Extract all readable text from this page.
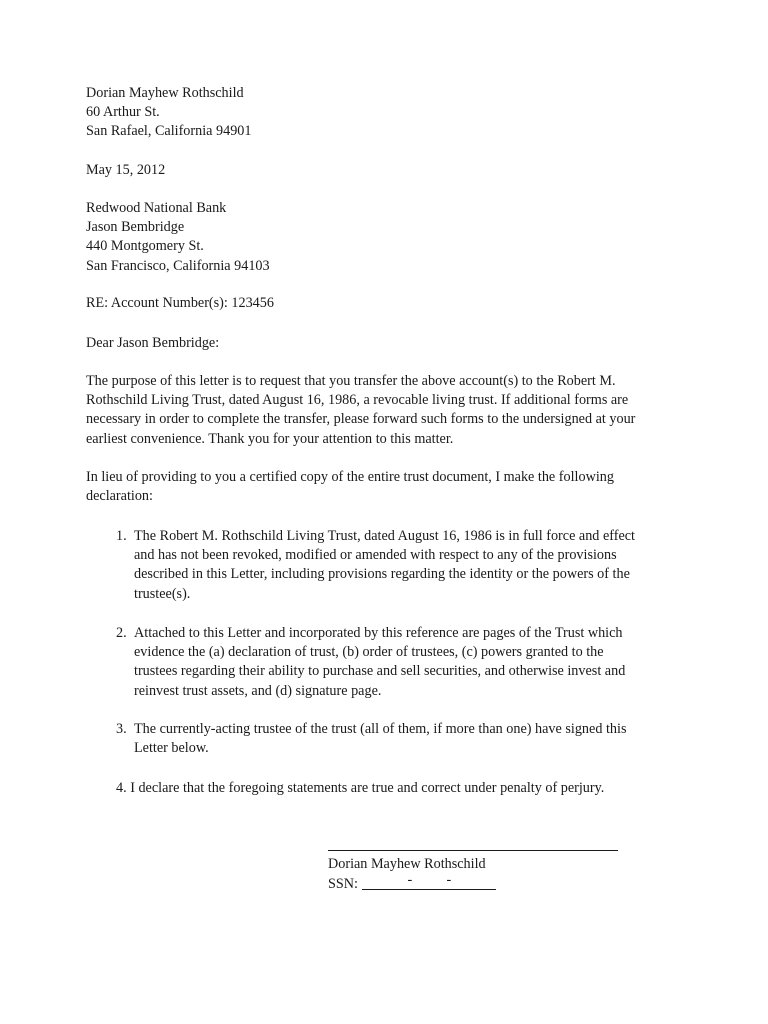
Dorian Mayhew Rothschild
60 Arthur St.
San Rafael, California 94901
May 15, 2012
Redwood National Bank
Jason Bembridge
440 Montgomery St.
San Francisco, California 94103
RE: Account Number(s): 123456
Dear Jason Bembridge:
The purpose of this letter is to request that you transfer the above account(s) to the Robert M.
Rothschild Living Trust, dated August 16, 1986, a revocable living trust. If additional forms are
necessary in order to complete the transfer, please forward such forms to the undersigned at your
earliest convenience. Thank you for your attention to this matter.
In lieu of providing to you a certified copy of the entire trust document, I make the following
declaration:
1. The Robert M. Rothschild Living Trust, dated August 16, 1986 is in full force and effect
and has not been revoked, modified or amended with respect to any of the provisions
described in this Letter, including provisions regarding the identity or the powers of the
trustee(s).
2. Attached to this Letter and incorporated by this reference are pages of the Trust which
evidence the (a) declaration of trust, (b) order of trustees, (c) powers granted to the
trustees regarding their ability to purchase and sell securities, and otherwise invest and
reinvest trust assets, and (d) signature page.
3. The currently-acting trustee of the trust (all of them, if more than one) have signed this
Letter below.
4. I declare that the foregoing statements are true and correct under penalty of perjury.
Dorian Mayhew Rothschild
SSN:	- -
